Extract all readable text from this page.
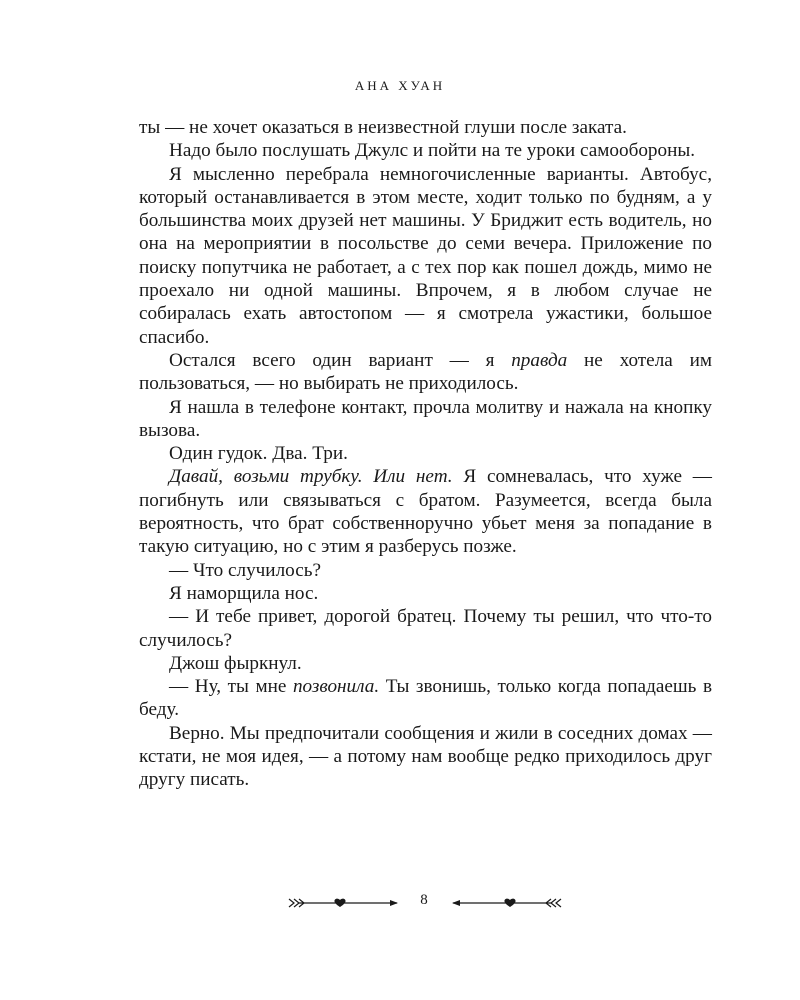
АНА ХУАН

ты — не хочет оказаться в неизвестной глуши после заката.

Надо было послушать Джулс и пойти на те уроки самообороны.

Я мысленно перебрала немногочисленные варианты. Автобус, который останавливается в этом месте, ходит только по будням, а у большинства моих друзей нет машины. У Бриджит есть водитель, но она на мероприятии в посольстве до семи вечера. Приложение по поиску попутчика не работает, а с тех пор как пошел дождь, мимо не проехало ни одной машины. Впрочем, я в любом случае не собиралась ехать автостопом — я смотрела ужастики, большое спасибо.

Остался всего один вариант — я правда не хотела им пользоваться, — но выбирать не приходилось.

Я нашла в телефоне контакт, прочла молитву и нажала на кнопку вызова.

Один гудок. Два. Три.

Давай, возьми трубку. Или нет. Я сомневалась, что хуже — погибнуть или связываться с братом. Разумеется, всегда была вероятность, что брат собственноручно убьет меня за попадание в такую ситуацию, но с этим я разберусь позже.

— Что случилось?

Я наморщила нос.

— И тебе привет, дорогой братец. Почему ты решил, что что-то случилось?

Джош фыркнул.

— Ну, ты мне позвонила. Ты звонишь, только когда попадаешь в беду.

Верно. Мы предпочитали сообщения и жили в соседних домах — кстати, не моя идея, — а потому нам вообще редко приходилось друг другу писать.

8
